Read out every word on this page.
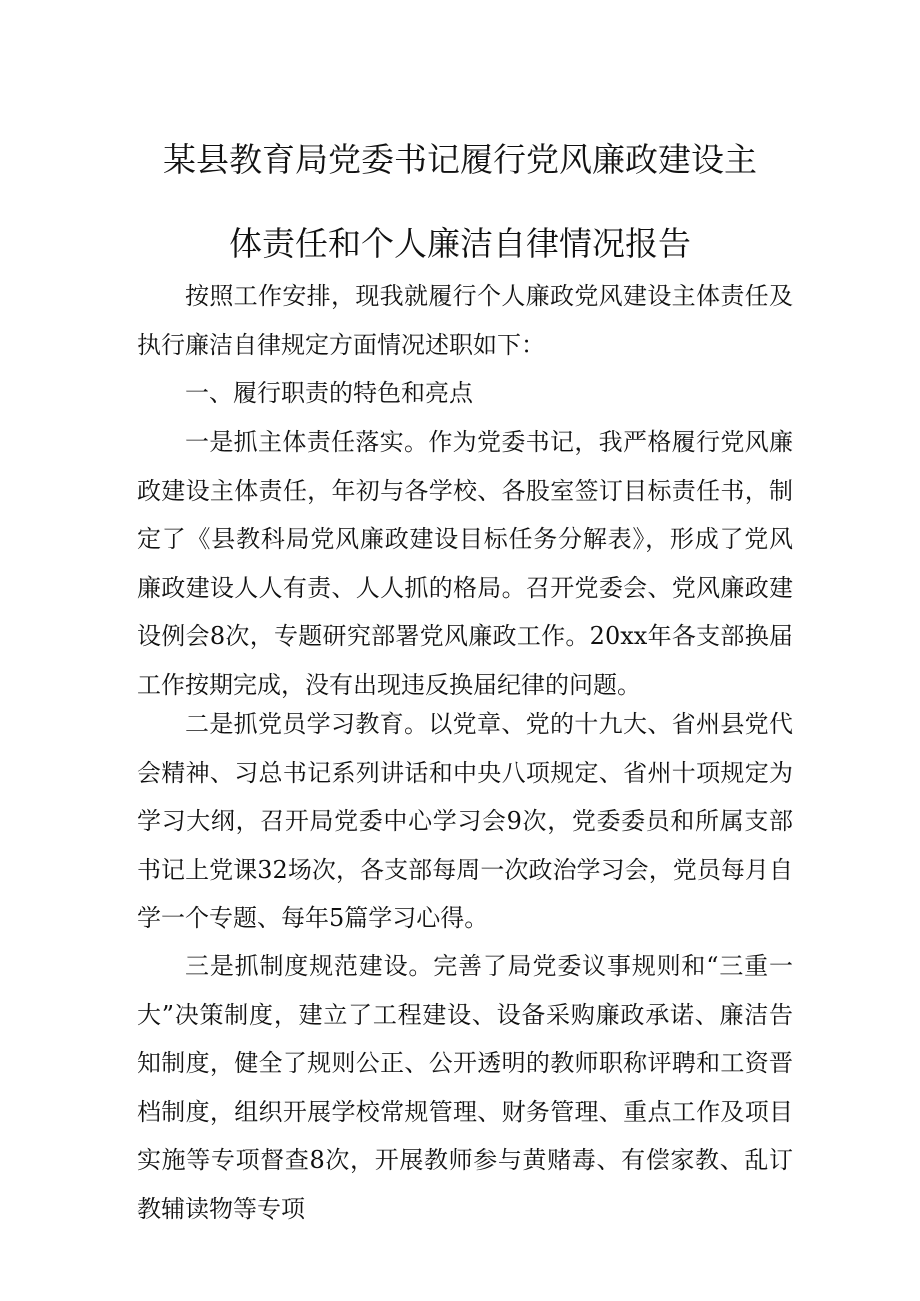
某县教育局党委书记履行党风廉政建设主
体责任和个人廉洁自律情况报告

按照工作安排，现我就履行个人廉政党风建设主体责任及执行廉洁自律规定方面情况述职如下：

一、履行职责的特色和亮点

一是抓主体责任落实。作为党委书记，我严格履行党风廉政建设主体责任，年初与各学校、各股室签订目标责任书，制定了《县教科局党风廉政建设目标任务分解表》，形成了党风廉政建设人人有责、人人抓的格局。召开党委会、党风廉政建设例会8次，专题研究部署党风廉政工作。20xx年各支部换届工作按期完成，没有出现违反换届纪律的问题。

二是抓党员学习教育。以党章、党的十九大、省州县党代会精神、习总书记系列讲话和中央八项规定、省州十项规定为学习大纲，召开局党委中心学习会9次，党委委员和所属支部书记上党课32场次，各支部每周一次政治学习会，党员每月自学一个专题、每年5篇学习心得。

三是抓制度规范建设。完善了局党委议事规则和“三重一大”决策制度，建立了工程建设、设备采购廉政承诺、廉洁告知制度，健全了规则公正、公开透明的教师职称评聘和工资晋档制度，组织开展学校常规管理、财务管理、重点工作及项目实施等专项督查8次，开展教师参与黄赌毒、有偿家教、乱订教辅读物等专项
